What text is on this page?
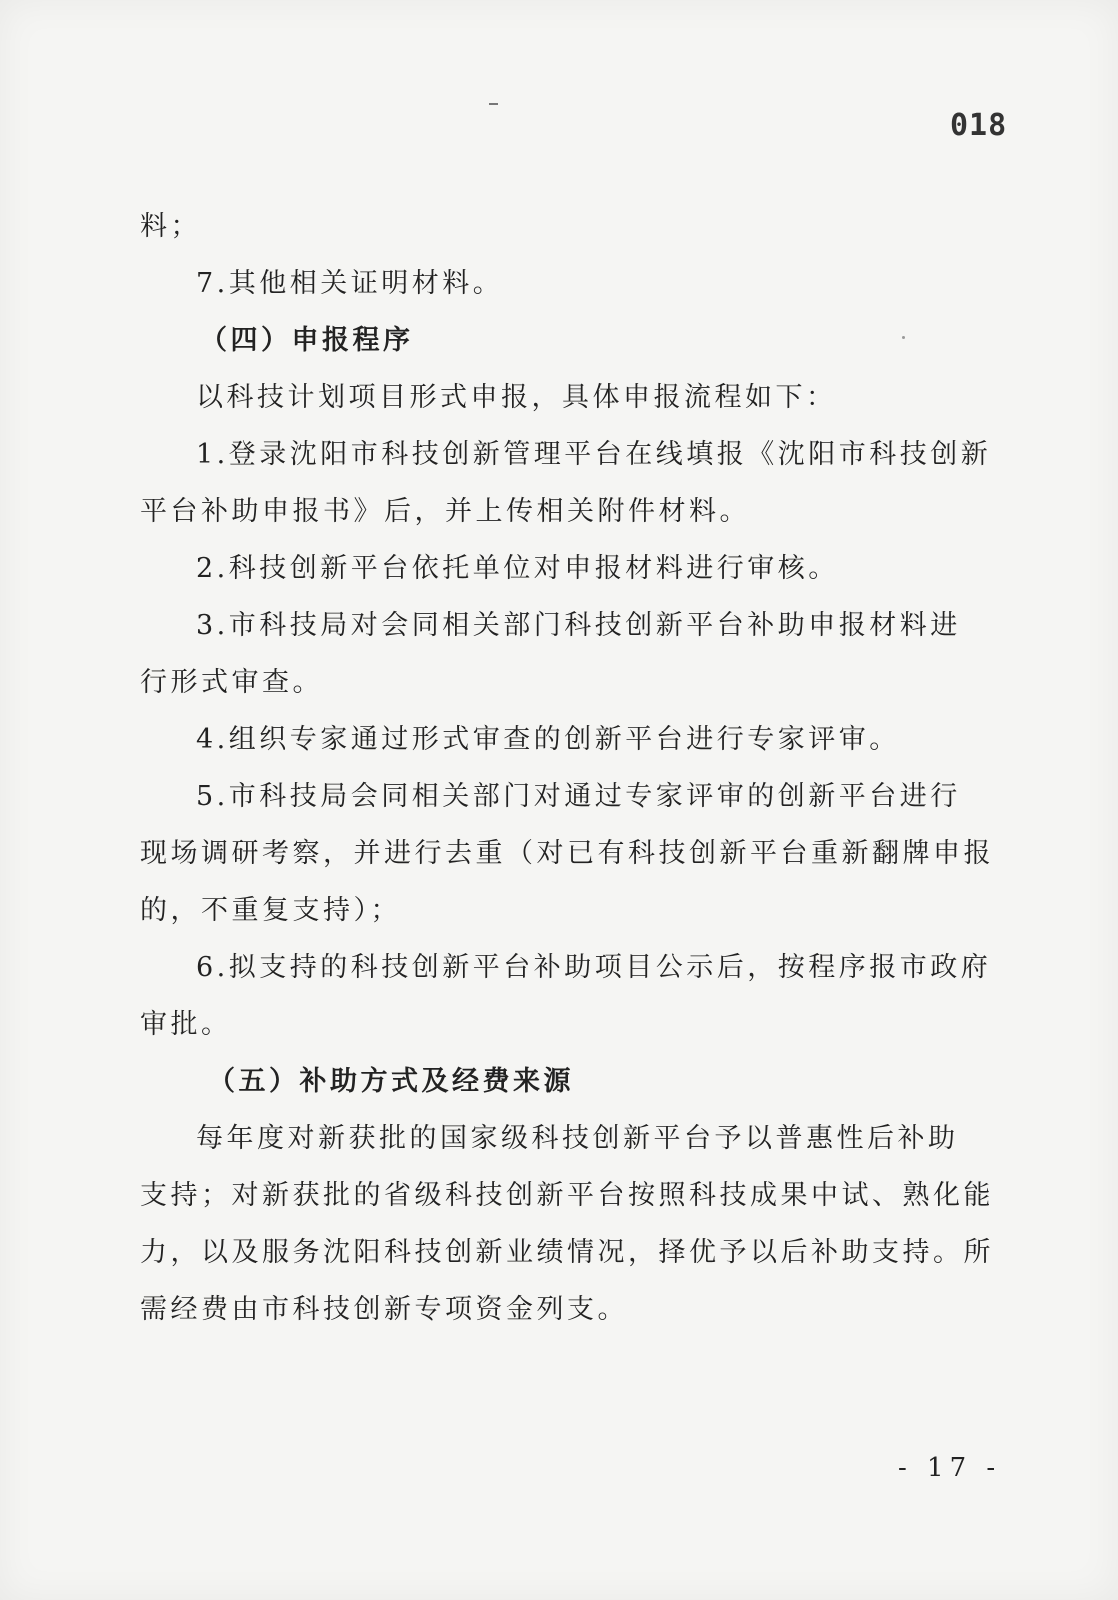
018
料；
7.其他相关证明材料。
（四）申报程序
以科技计划项目形式申报，具体申报流程如下：
1.登录沈阳市科技创新管理平台在线填报《沈阳市科技创新
平台补助申报书》后，并上传相关附件材料。
2.科技创新平台依托单位对申报材料进行审核。
3.市科技局对会同相关部门科技创新平台补助申报材料进
行形式审查。
4.组织专家通过形式审查的创新平台进行专家评审。
5.市科技局会同相关部门对通过专家评审的创新平台进行
现场调研考察，并进行去重（对已有科技创新平台重新翻牌申报
的，不重复支持）；
6.拟支持的科技创新平台补助项目公示后，按程序报市政府
审批。
（五）补助方式及经费来源
每年度对新获批的国家级科技创新平台予以普惠性后补助
支持；对新获批的省级科技创新平台按照科技成果中试、熟化能
力，以及服务沈阳科技创新业绩情况，择优予以后补助支持。所
需经费由市科技创新专项资金列支。
- 17 -
